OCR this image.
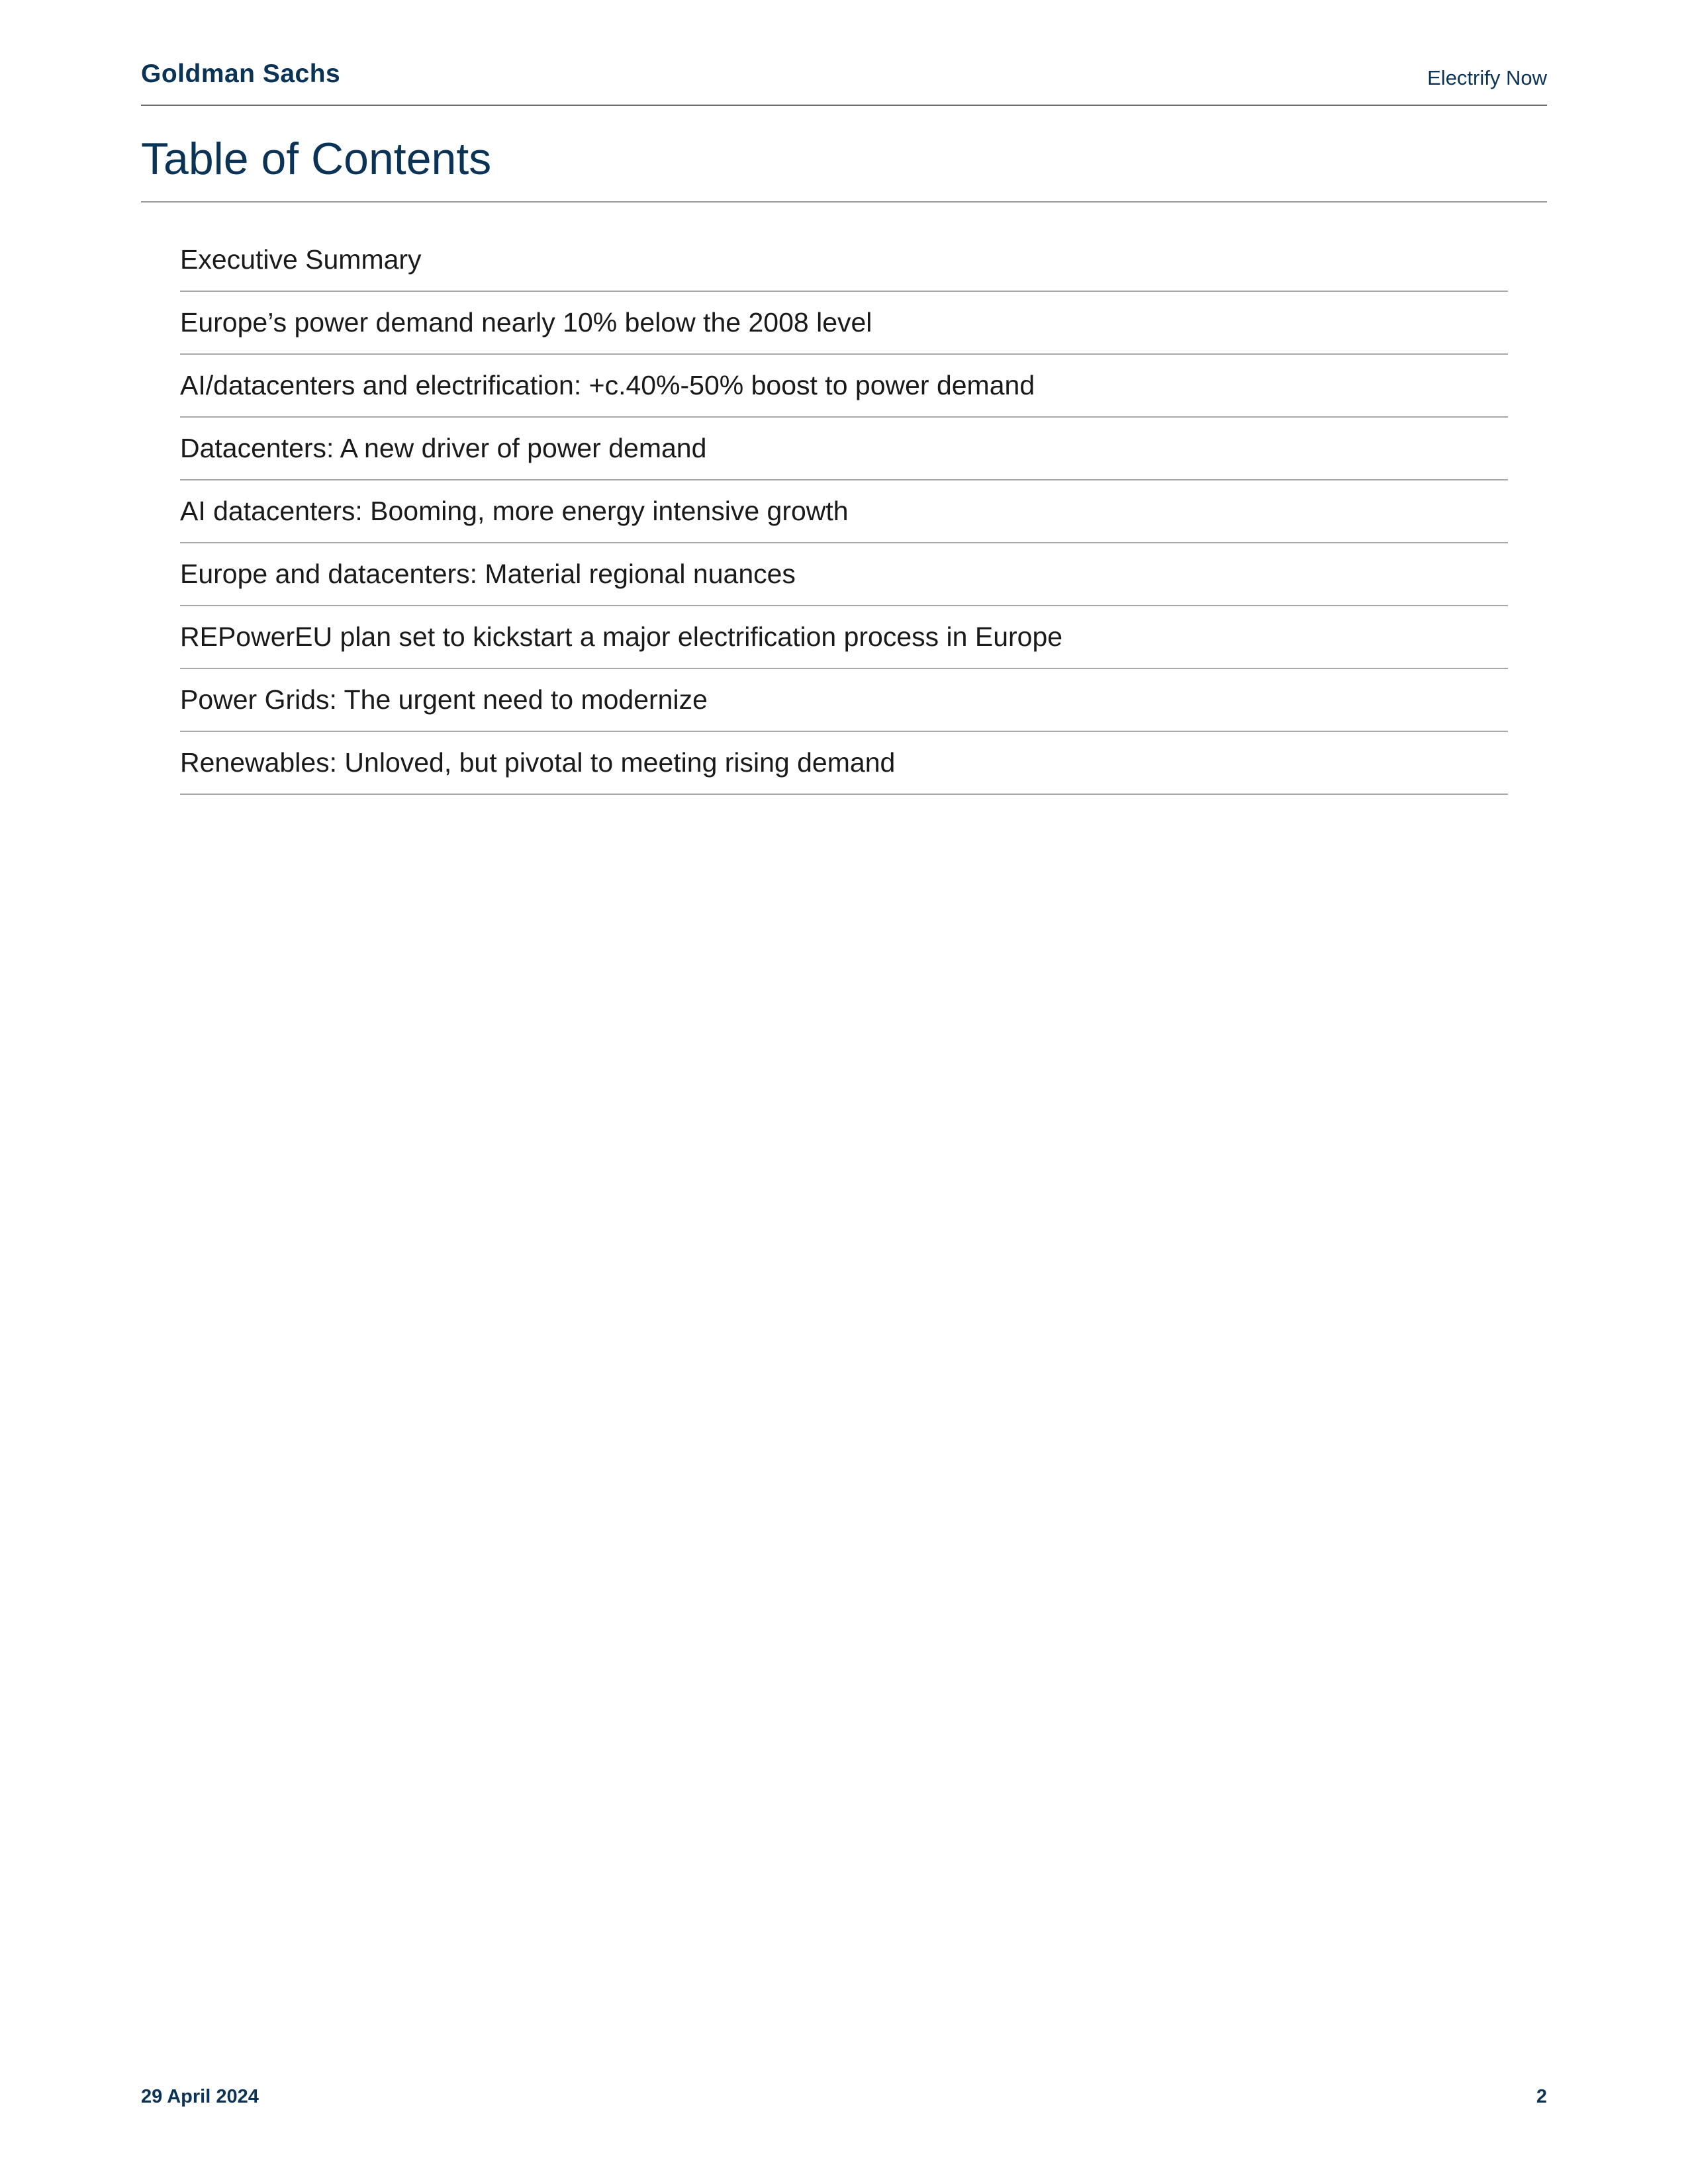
Goldman Sachs	Electrify Now
Table of Contents
Executive Summary
Europe’s power demand nearly 10% below the 2008 level
AI/datacenters and electrification: +c.40%-50% boost to power demand
Datacenters: A new driver of power demand
AI datacenters: Booming, more energy intensive growth
Europe and datacenters: Material regional nuances
REPowerEU plan set to kickstart a major electrification process in Europe
Power Grids: The urgent need to modernize
Renewables: Unloved, but pivotal to meeting rising demand
29 April 2024	2
